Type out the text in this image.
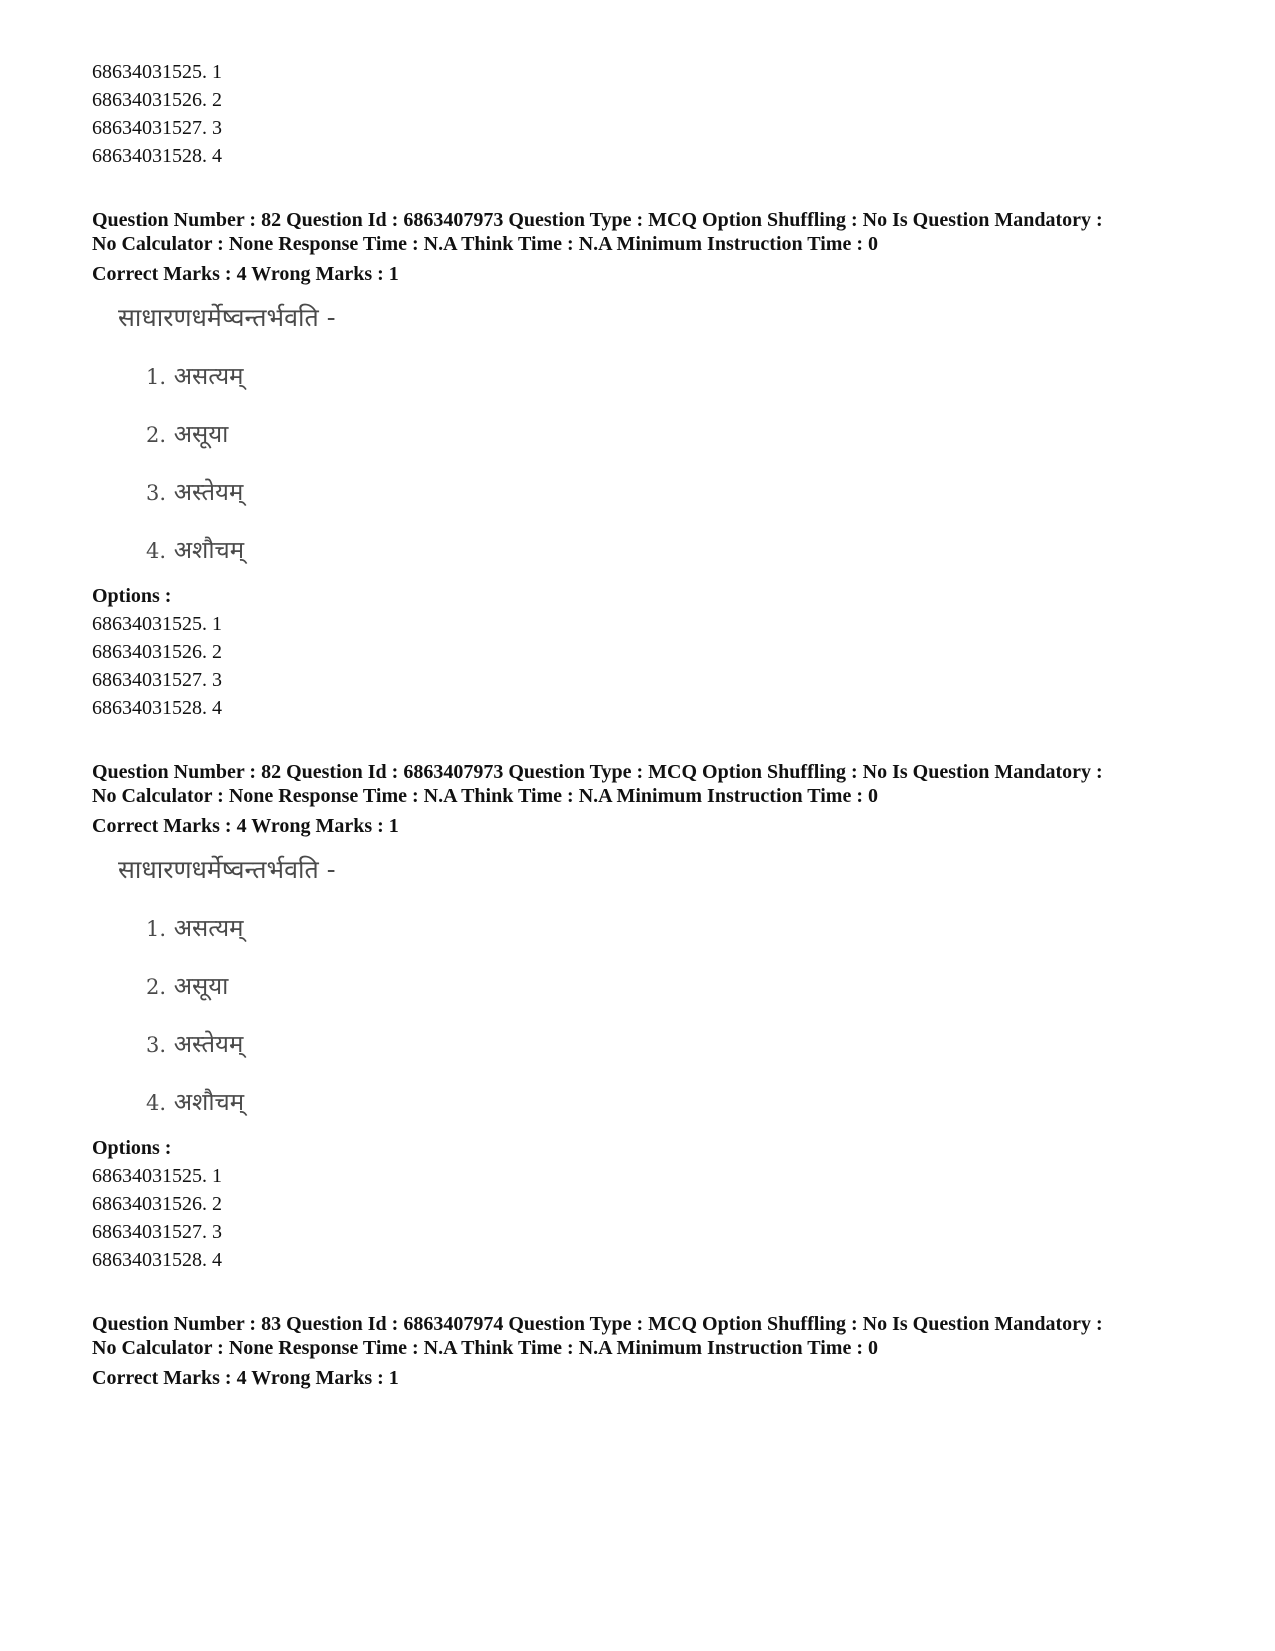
68634031525. 1
68634031526. 2
68634031527. 3
68634031528. 4
Question Number : 82 Question Id : 6863407973 Question Type : MCQ Option Shuffling : No Is Question Mandatory :
No Calculator : None Response Time : N.A Think Time : N.A Minimum Instruction Time : 0
Correct Marks : 4 Wrong Marks : 1
साधारणधर्मेष्वन्तर्भवति -
1. असत्यम्
2. असूया
3. अस्तेयम्
4. अशौचम्
Options :
68634031525. 1
68634031526. 2
68634031527. 3
68634031528. 4
Question Number : 82 Question Id : 6863407973 Question Type : MCQ Option Shuffling : No Is Question Mandatory :
No Calculator : None Response Time : N.A Think Time : N.A Minimum Instruction Time : 0
Correct Marks : 4 Wrong Marks : 1
साधारणधर्मेष्वन्तर्भवति -
1. असत्यम्
2. असूया
3. अस्तेयम्
4. अशौचम्
Options :
68634031525. 1
68634031526. 2
68634031527. 3
68634031528. 4
Question Number : 83 Question Id : 6863407974 Question Type : MCQ Option Shuffling : No Is Question Mandatory :
No Calculator : None Response Time : N.A Think Time : N.A Minimum Instruction Time : 0
Correct Marks : 4 Wrong Marks : 1
